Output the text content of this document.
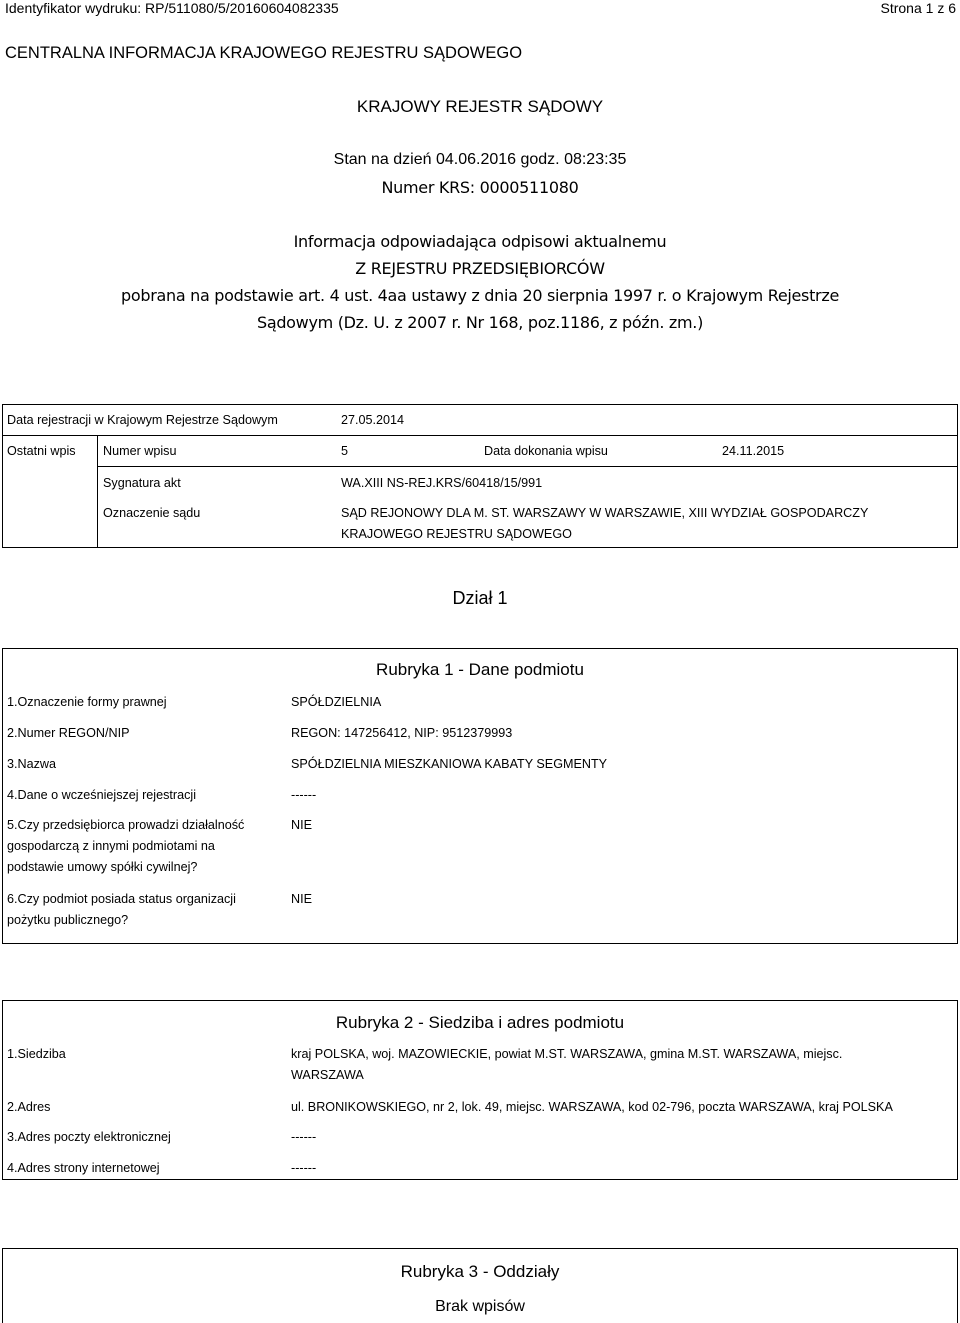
Identyfikator wydruku: RP/511080/5/20160604082335	Strona 1 z 6
CENTRALNA INFORMACJA KRAJOWEGO REJESTRU SĄDOWEGO
KRAJOWY REJESTR SĄDOWY
Stan na dzień 04.06.2016 godz. 08:23:35
Numer KRS: 0000511080
Informacja odpowiadająca odpisowi aktualnemu
Z REJESTRU PRZEDSIĘBIORCÓW
pobrana na podstawie art. 4 ust. 4aa ustawy z dnia 20 sierpnia 1997 r. o Krajowym Rejestrze
Sądowym (Dz. U. z 2007 r. Nr 168, poz.1186, z późn. zm.)
Data rejestracji w Krajowym Rejestrze Sądowym	27.05.2014
Ostatni wpis Numer wpisu	5	Data dokonania wpisu	24.11.2015
Sygnatura akt	WA.XIII NS-REJ.KRS/60418/15/991
Oznaczenie sądu	SĄD REJONOWY DLA M. ST. WARSZAWY W WARSZAWIE, XIII WYDZIAŁ GOSPODARCZY
KRAJOWEGO REJESTRU SĄDOWEGO
Dział 1
Rubryka 1 - Dane podmiotu
1.Oznaczenie formy prawnej	SPÓŁDZIELNIA
2.Numer REGON/NIP	REGON: 147256412, NIP: 9512379993
3.Nazwa	SPÓŁDZIELNIA MIESZKANIOWA KABATY SEGMENTY
4.Dane o wcześniejszej rejestracji	------
5.Czy przedsiębiorca prowadzi działalność
gospodarczą z innymi podmiotami na
podstawie umowy spółki cywilnej?
NIE
6.Czy podmiot posiada status organizacji
pożytku publicznego?
NIE
Rubryka 2 - Siedziba i adres podmiotu
1.Siedziba	kraj POLSKA, woj. MAZOWIECKIE, powiat M.ST. WARSZAWA, gmina M.ST. WARSZAWA, miejsc.
WARSZAWA
2.Adres	ul. BRONIKOWSKIEGO, nr 2, lok. 49, miejsc. WARSZAWA, kod 02-796, poczta WARSZAWA, kraj POLSKA
3.Adres poczty elektronicznej	------
4.Adres strony internetowej	------
Rubryka 3 - Oddziały
Brak wpisów
